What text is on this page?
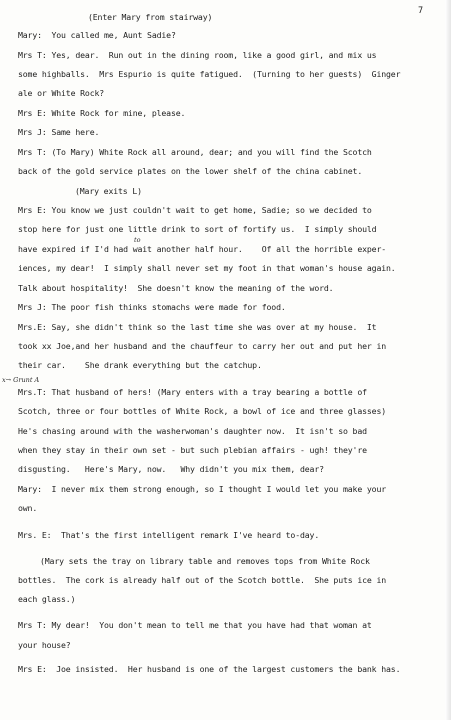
7
(Enter Mary from stairway)
Mary:  You called me, Aunt Sadie?
Mrs T: Yes, dear.  Run out in the dining room, like a good girl, and mix us
some highballs.  Mrs Espurio is quite fatigued.  (Turning to her guests)  Ginger
ale or White Rock?
Mrs E: White Rock for mine, please.
Mrs J: Same here.
Mrs T: (To Mary) White Rock all around, dear; and you will find the Scotch
back of the gold service plates on the lower shelf of the china cabinet.
(Mary exits L)
Mrs E: You know we just couldn't wait to get home, Sadie; so we decided to
stop here for just one little drink to sort of fortify us.  I simply should
to
have expired if I'd had wait another half hour.    Of all the horrible exper-
iences, my dear!  I simply shall never set my foot in that woman's house again.
Talk about hospitality!  She doesn't know the meaning of the word.
Mrs J: The poor fish thinks stomachs were made for food.
Mrs.E: Say, she didn't think so the last time she was over at my house.  It
took xx Joe,and her husband and the chauffeur to carry her out and put her in
their car.    She drank everything but the catchup.
x→ Grunt A
Mrs.T: That husband of hers! (Mary enters with a tray bearing a bottle of
Scotch, three or four bottles of White Rock, a bowl of ice and three glasses)
He's chasing around with the washerwoman's daughter now.  It isn't so bad
when they stay in their own set - but such plebian affairs - ugh! they're
disgusting.   Here's Mary, now.   Why didn't you mix them, dear?
Mary:  I never mix them strong enough, so I thought I would let you make your
own.
Mrs. E:  That's the first intelligent remark I've heard to-day.
(Mary sets the tray on library table and removes tops from White Rock
bottles.  The cork is already half out of the Scotch bottle.  She puts ice in
each glass.)
Mrs T: My dear!  You don't mean to tell me that you have had that woman at
your house?
Mrs E:  Joe insisted.  Her husband is one of the largest customers the bank has.
